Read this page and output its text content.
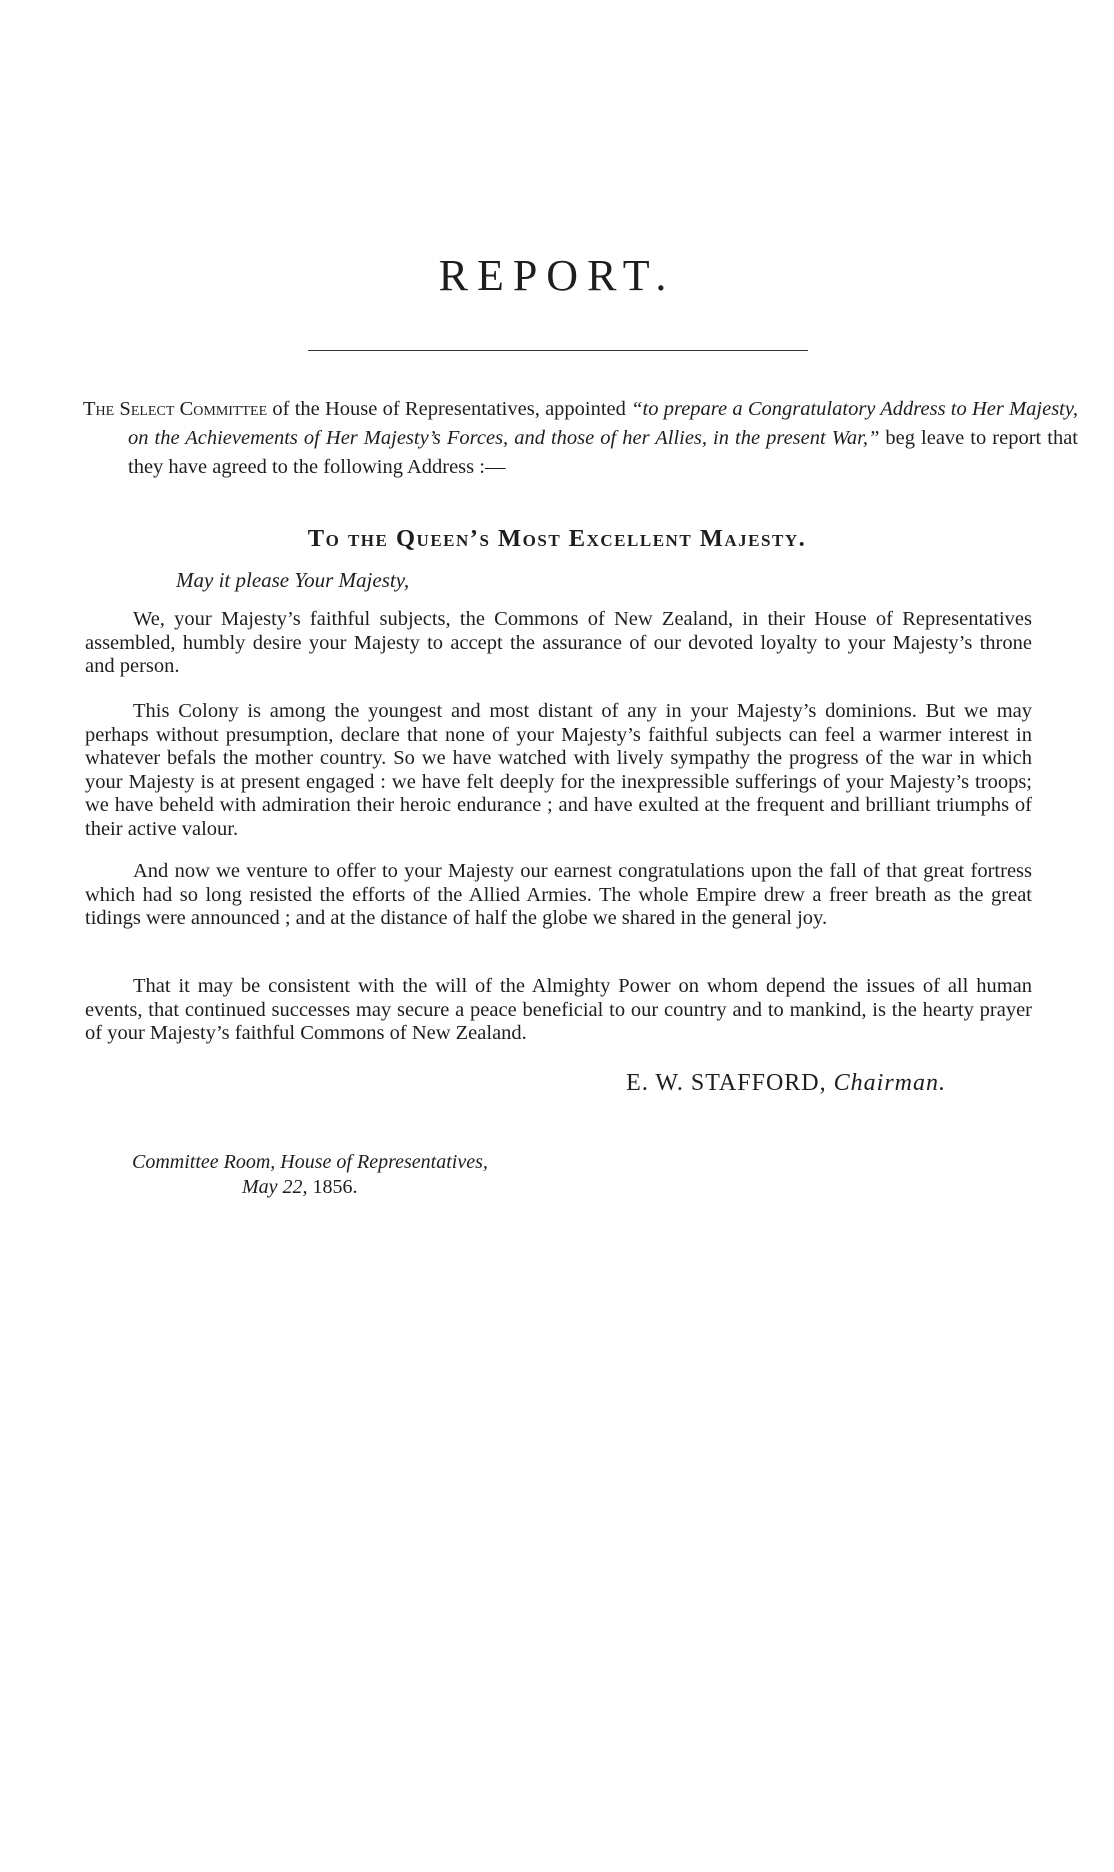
REPORT.

The Select Committee of the House of Representatives, appointed “to prepare a Congratulatory Address to Her Majesty, on the Achievements of Her Majesty’s Forces, and those of her Allies, in the present War,” beg leave to report that they have agreed to the following Address :—

To the Queen’s Most Excellent Majesty.

May it please Your Majesty,

We, your Majesty’s faithful subjects, the Commons of New Zealand, in their House of Representatives assembled, humbly desire your Majesty to accept the assurance of our devoted loyalty to your Majesty’s throne and person.

This Colony is among the youngest and most distant of any in your Majesty’s dominions. But we may perhaps without presumption, declare that none of your Majesty’s faithful subjects can feel a warmer interest in whatever befals the mother country. So we have watched with lively sympathy the progress of the war in which your Majesty is at present engaged : we have felt deeply for the inexpressible sufferings of your Majesty’s troops; we have beheld with admiration their heroic endurance ; and have exulted at the frequent and brilliant triumphs of their active valour.

And now we venture to offer to your Majesty our earnest congratulations upon the fall of that great fortress which had so long resisted the efforts of the Allied Armies. The whole Empire drew a freer breath as the great tidings were announced ; and at the distance of half the globe we shared in the general joy.

That it may be consistent with the will of the Almighty Power on whom depend the issues of all human events, that continued successes may secure a peace beneficial to our country and to mankind, is the hearty prayer of your Majesty’s faithful Commons of New Zealand.

E. W. STAFFORD, Chairman.

Committee Room, House of Representatives,
May 22, 1856.
